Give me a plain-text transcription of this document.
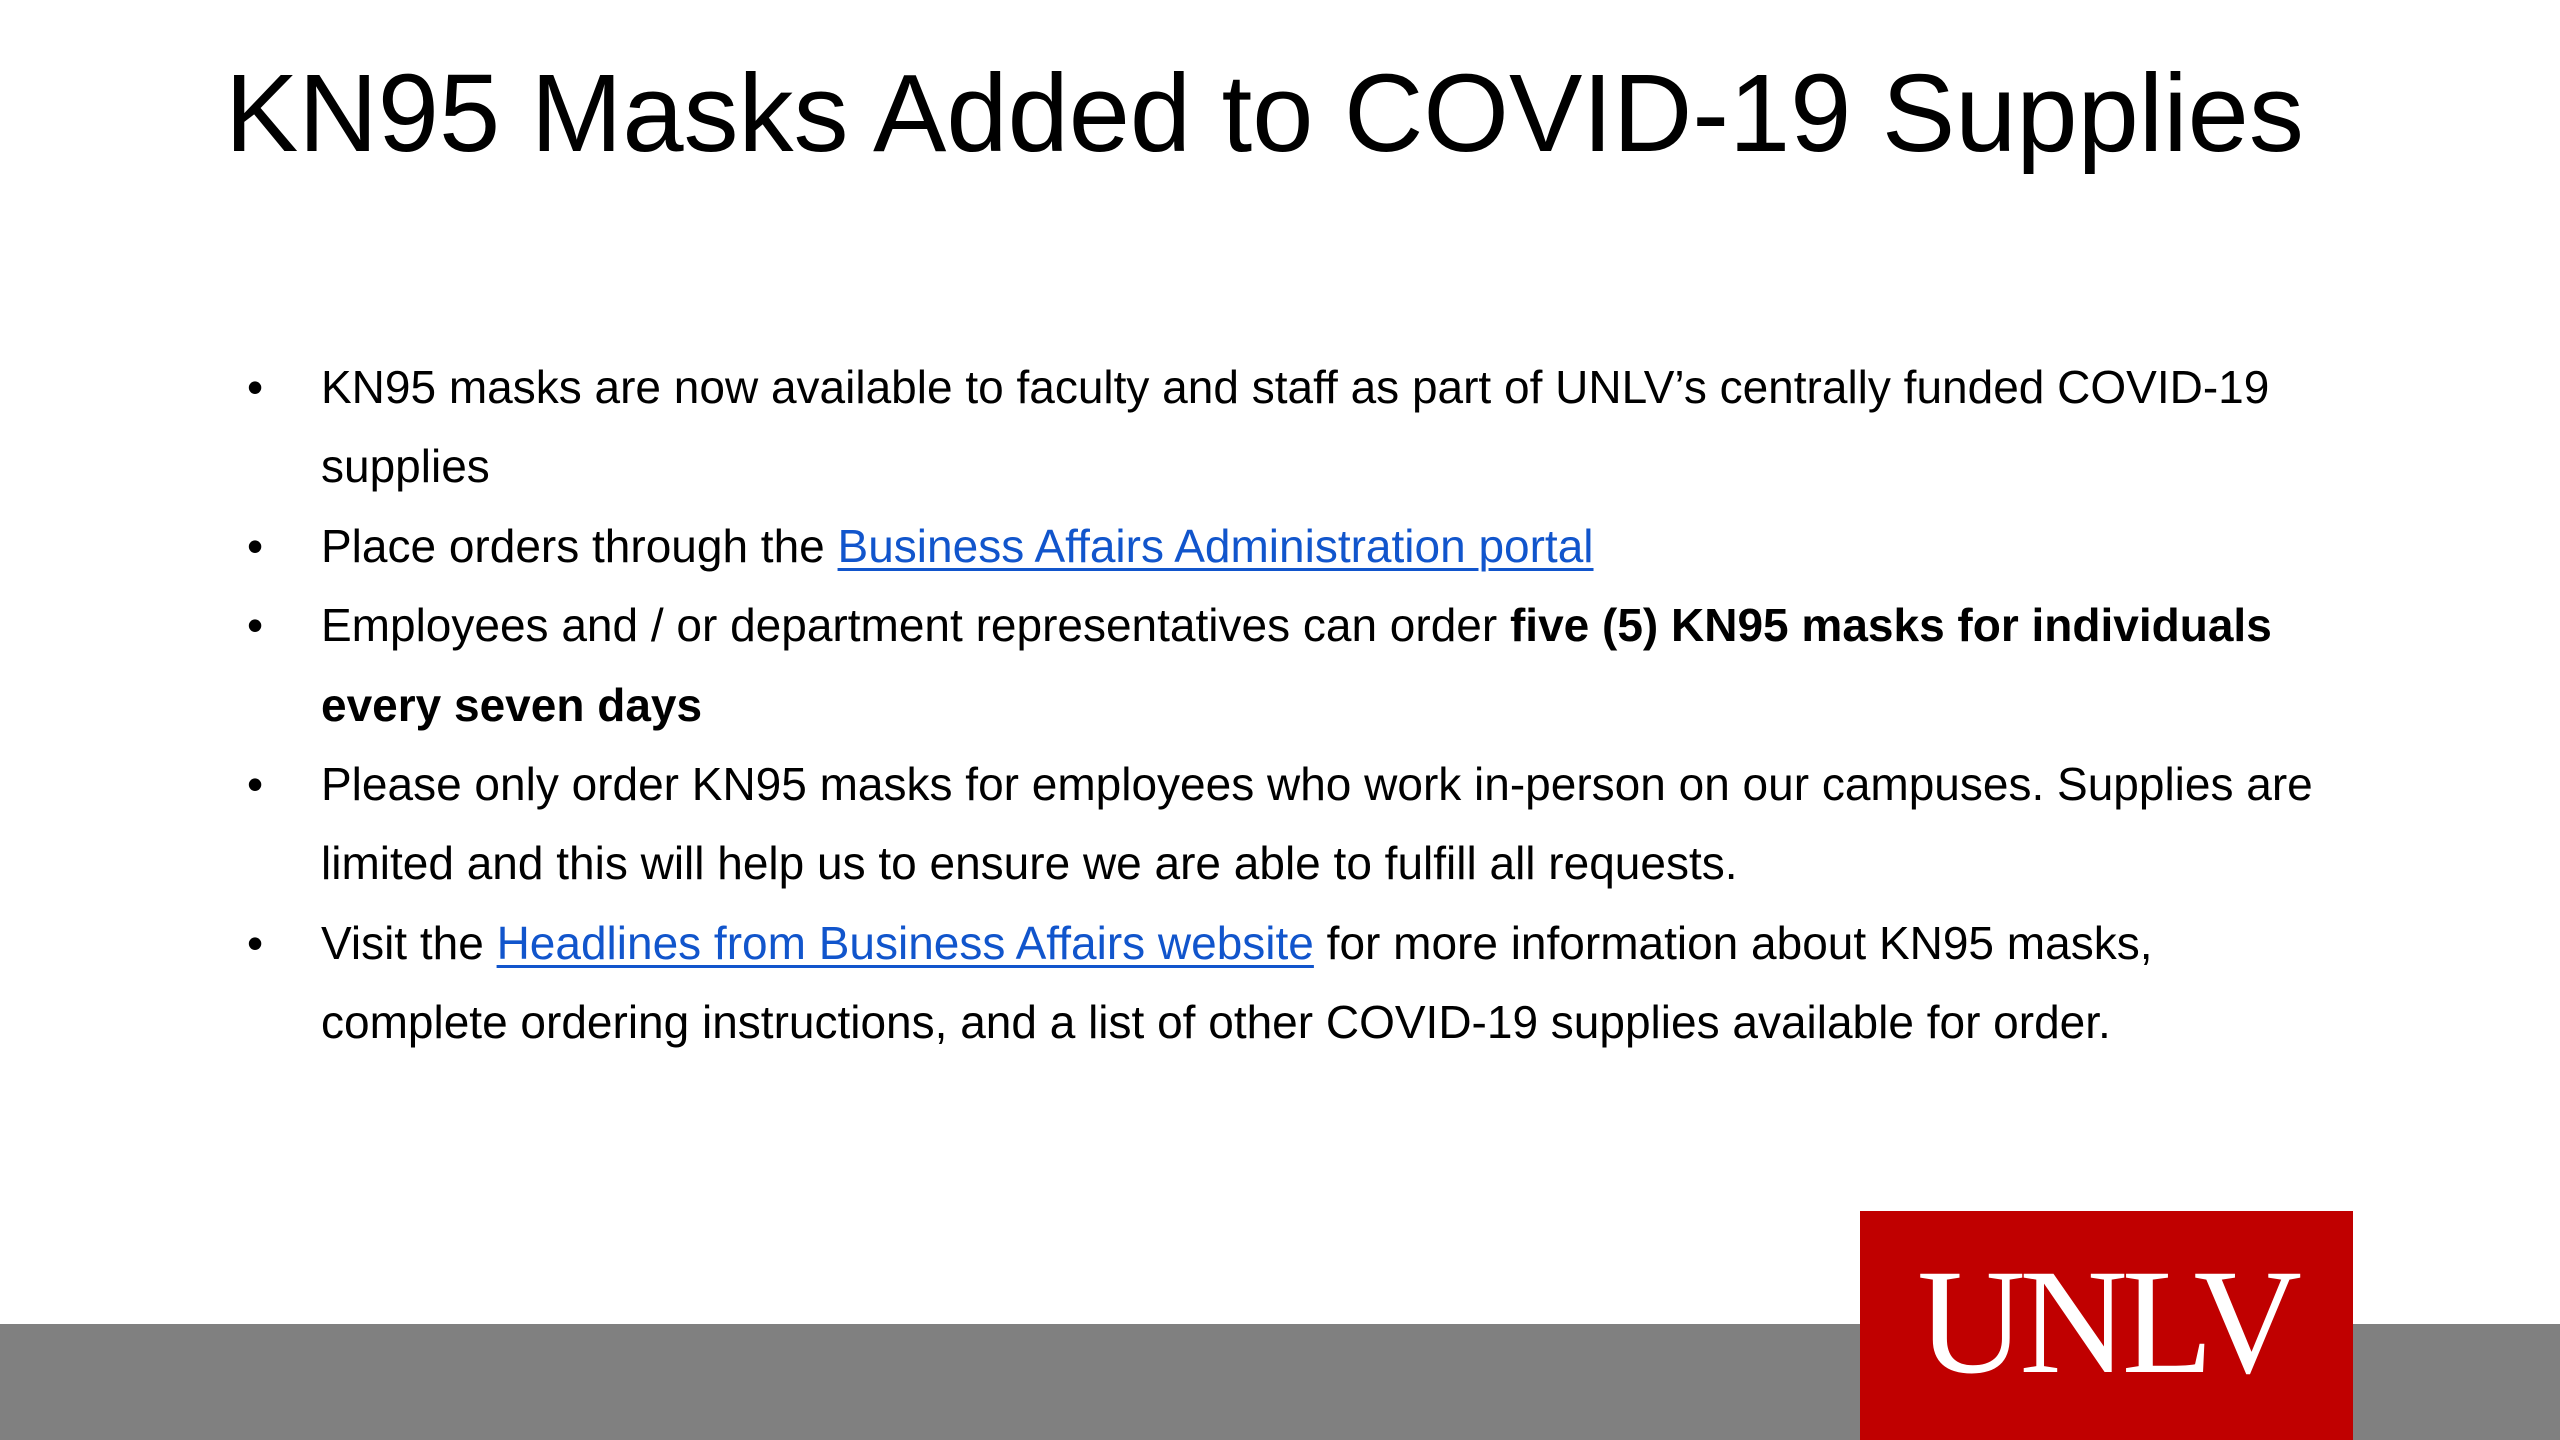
KN95 Masks Added to COVID-19 Supplies
• KN95 masks are now available to faculty and staff as part of UNLV’s centrally funded COVID-19 supplies
• Place orders through the Business Affairs Administration portal
• Employees and / or department representatives can order five (5) KN95 masks for individuals every seven days
• Please only order KN95 masks for employees who work in-person on our campuses. Supplies are limited and this will help us to ensure we are able to fulfill all requests.
• Visit the Headlines from Business Affairs website for more information about KN95 masks, complete ordering instructions, and a list of other COVID-19 supplies available for order.
UNLV
